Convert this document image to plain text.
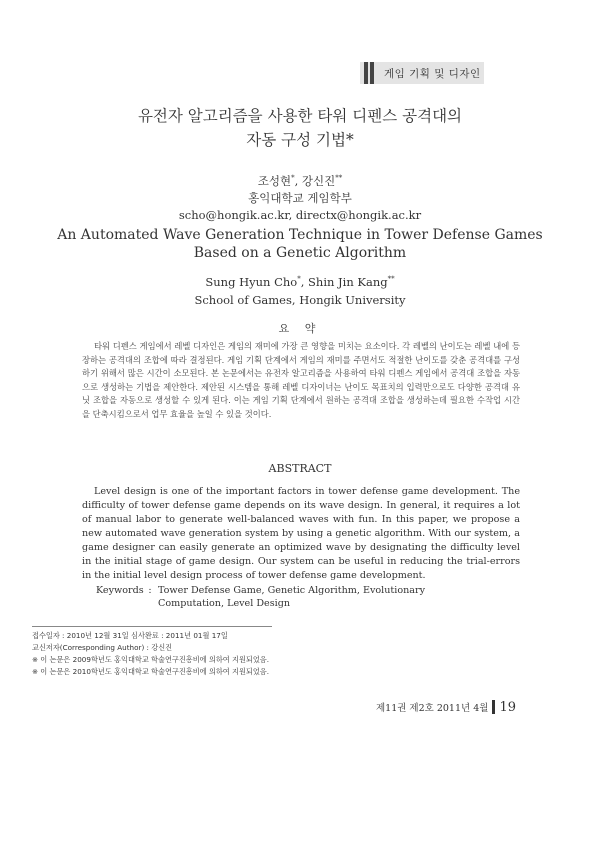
게임 기획 및 디자인
유전자 알고리즘을 사용한 타워 디펜스 공격대의
자동 구성 기법*
조성현*, 강신진**
홍익대학교 게임학부
scho@hongik.ac.kr, directx@hongik.ac.kr
An Automated Wave Generation Technique in Tower Defense Games
Based on a Genetic Algorithm
Sung Hyun Cho*, Shin Jin Kang**
School of Games, Hongik University
요 약
타워 디펜스 게임에서 레벨 디자인은 게임의 재미에 가장 큰 영향을 미치는 요소이다. 각 레벨의 난이도는 레벨 내에 등장하는 공격대의 조합에 따라 결정된다. 게임 기획 단계에서 게임의 재미를 주면서도 적절한 난이도를 갖춘 공격대를 구성하기 위해서 많은 시간이 소모된다. 본 논문에서는 유전자 알고리즘을 사용하여 타워 디펜스 게임에서 공격대 조합을 자동으로 생성하는 기법을 제안한다. 제안된 시스템을 통해 레벨 디자이너는 난이도 목표치의 입력만으로도 다양한 공격대 유닛 조합을 자동으로 생성할 수 있게 된다. 이는 게임 기획 단계에서 원하는 공격대 조합을 생성하는데 필요한 수작업 시간을 단축시킴으로서 업무 효율을 높일 수 있을 것이다.
ABSTRACT
Level design is one of the important factors in tower defense game development. The difficulty of tower defense game depends on its wave design. In general, it requires a lot of manual labor to generate well-balanced waves with fun. In this paper, we propose a new automated wave generation system by using a genetic algorithm. With our system, a game designer can easily generate an optimized wave by designating the difficulty level in the initial stage of game design. Our system can be useful in reducing the trial-errors in the initial level design process of tower defense game development.
Keywords : Tower Defense Game, Genetic Algorithm, Evolutionary Computation, Level Design
접수일자 : 2010년 12월 31일 심사완료 : 2011년 01월 17일
교신저자(Corresponding Author) : 강신진
※ 이 논문은 2009학년도 홍익대학교 학술연구진흥비에 의하여 지원되었음.
※ 이 논문은 2010학년도 홍익대학교 학술연구진흥비에 의하여 지원되었음.
제11권 제2호 2011년 4월 19
